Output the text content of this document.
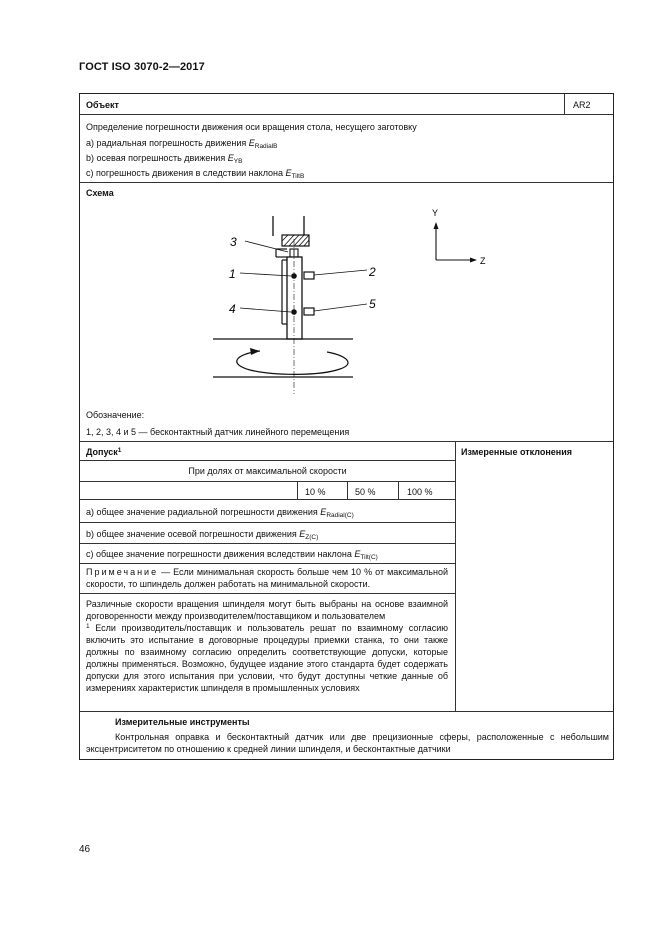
ГОСТ ISO 3070-2—2017
Объект	AR2
Определение погрешности движения оси вращения стола, несущего заготовку
a) радиальная погрешность движения $E_{RadialB}$
b) осевая погрешность движения $E_{YB}$
c) погрешность движения в следствии наклона $E_{TiltB}$
Схема
3
1
4
2
5
Y
Z
Обозначение:
1, 2, 3, 4 и 5 — бесконтактный датчик линейного перемещения
Допуск$^1$	Измеренные отклонения
При долях от максимальной скорости
10 %	50 %	100 %
a) общее значение радиальной погрешности движения $E_{Radial(C)}$
b) общее значение осевой погрешности движения $E_{Z(C)}$
c) общее значение погрешности движения вследствии наклона $E_{Tilt(C)}$
Примечание — Если минимальная скорость больше чем 10 % от максимальной скорости, то шпиндель должен работать на минимальной скорости.
Различные скорости вращения шпинделя могут быть выбраны на основе взаимной договоренности между производителем/поставщиком и пользователем
$^1$ Если производитель/поставщик и пользователь решат по взаимному согласию включить это испытание в договорные процедуры приемки станка, то они также должны по взаимному согласию определить соответствующие допуски, которые должны применяться. Возможно, будущее издание этого стандарта будет содержать допуски для этого испытания при условии, что будут доступны четкие данные об измерениях характеристик шпинделя в промышленных условиях
Измерительные инструменты
Контрольная оправка и бесконтактный датчик или две прецизионные сферы, расположенные с небольшим эксцентриситетом по отношению к средней линии шпинделя, и бесконтактные датчики
46
